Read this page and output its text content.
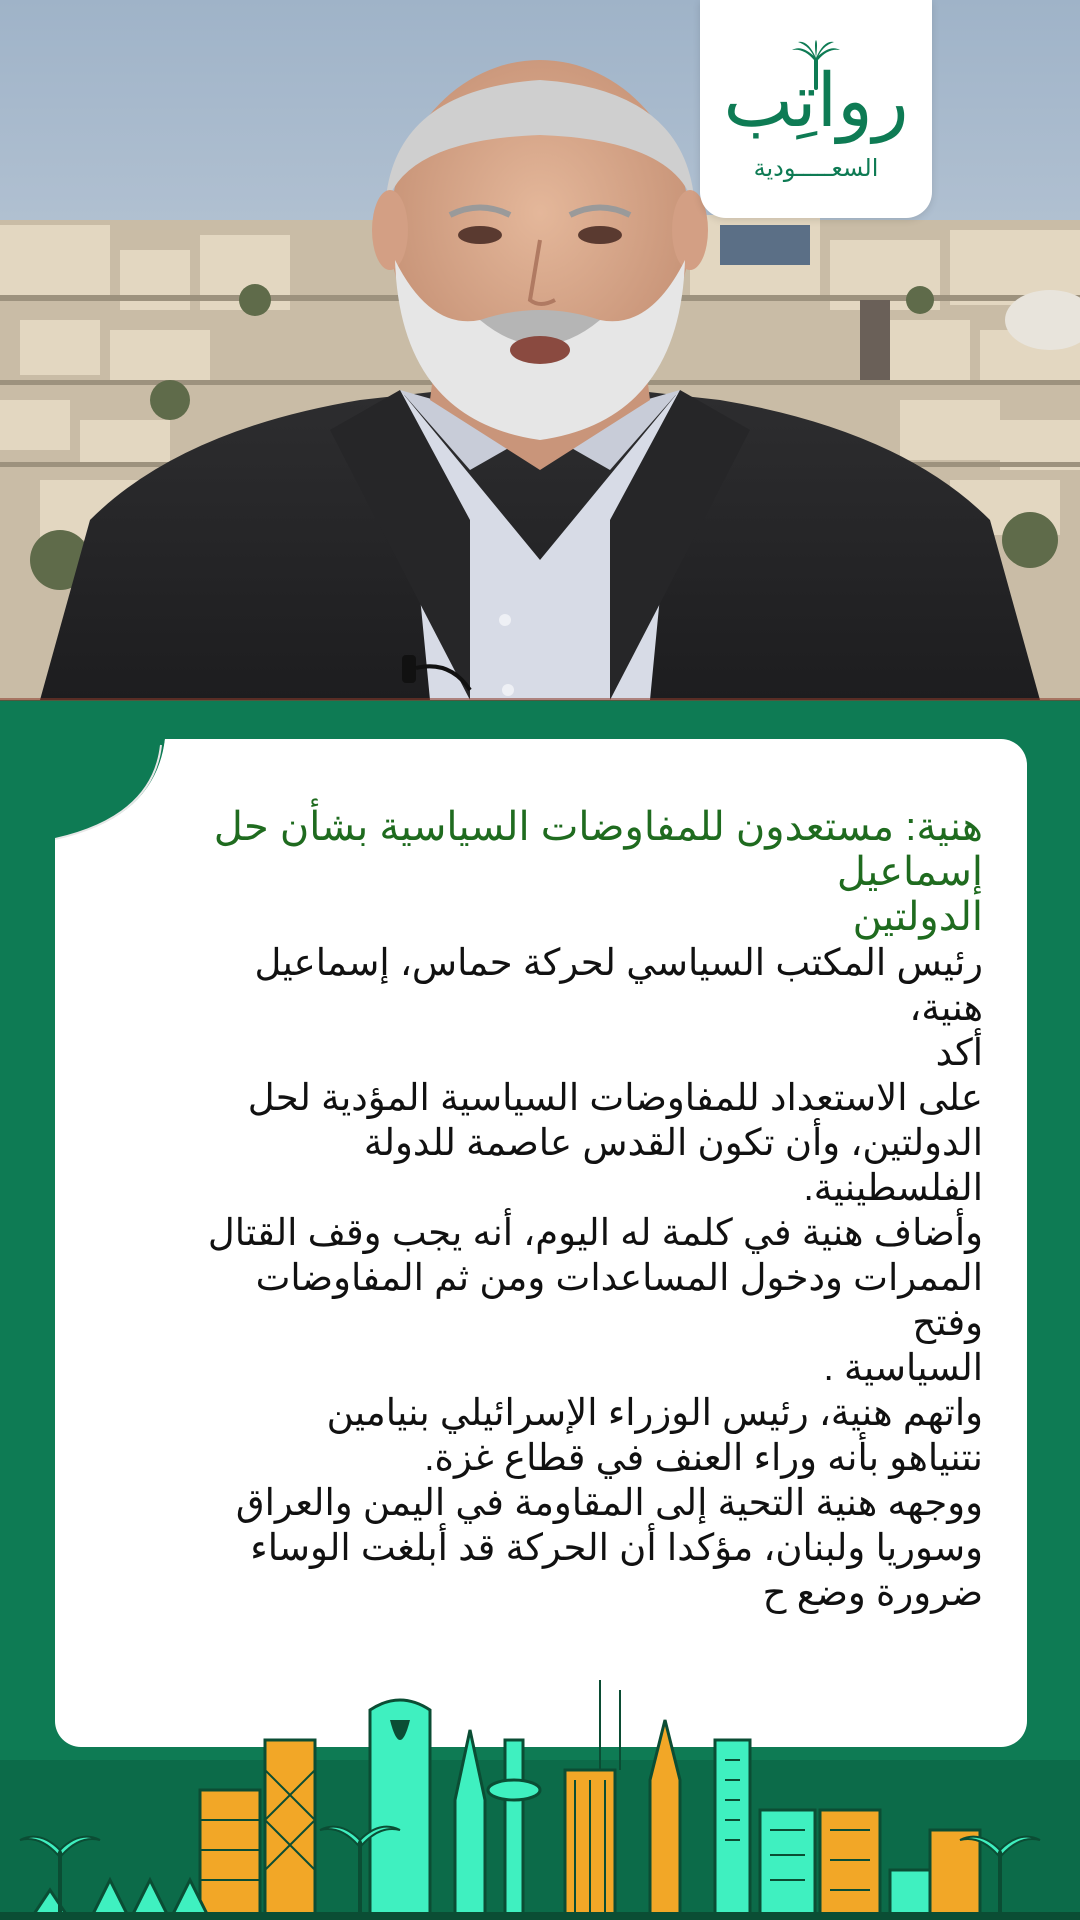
رواتِب
السعـــــودية
هنية: مستعدون للمفاوضات السياسية بشأن حل
إسماعيل
الدولتين

رئيس المكتب السياسي لحركة حماس، إسماعيل هنية،
أكد
على الاستعداد للمفاوضات السياسية المؤدية لحل
الدولتين، وأن تكون القدس عاصمة للدولة الفلسطينية.
وأضاف هنية في كلمة له اليوم، أنه يجب وقف القتال
الممرات ودخول المساعدات ومن ثم المفاوضات
وفتح
السياسية .
واتهم هنية، رئيس الوزراء الإسرائيلي بنيامين
نتنياهو بأنه وراء العنف في قطاع غزة.
ووجهه هنية التحية إلى المقاومة في اليمن والعراق
وسوريا ولبنان، مؤكدا أن الحركة قد أبلغت الوساء
ضرورة وضع ح
